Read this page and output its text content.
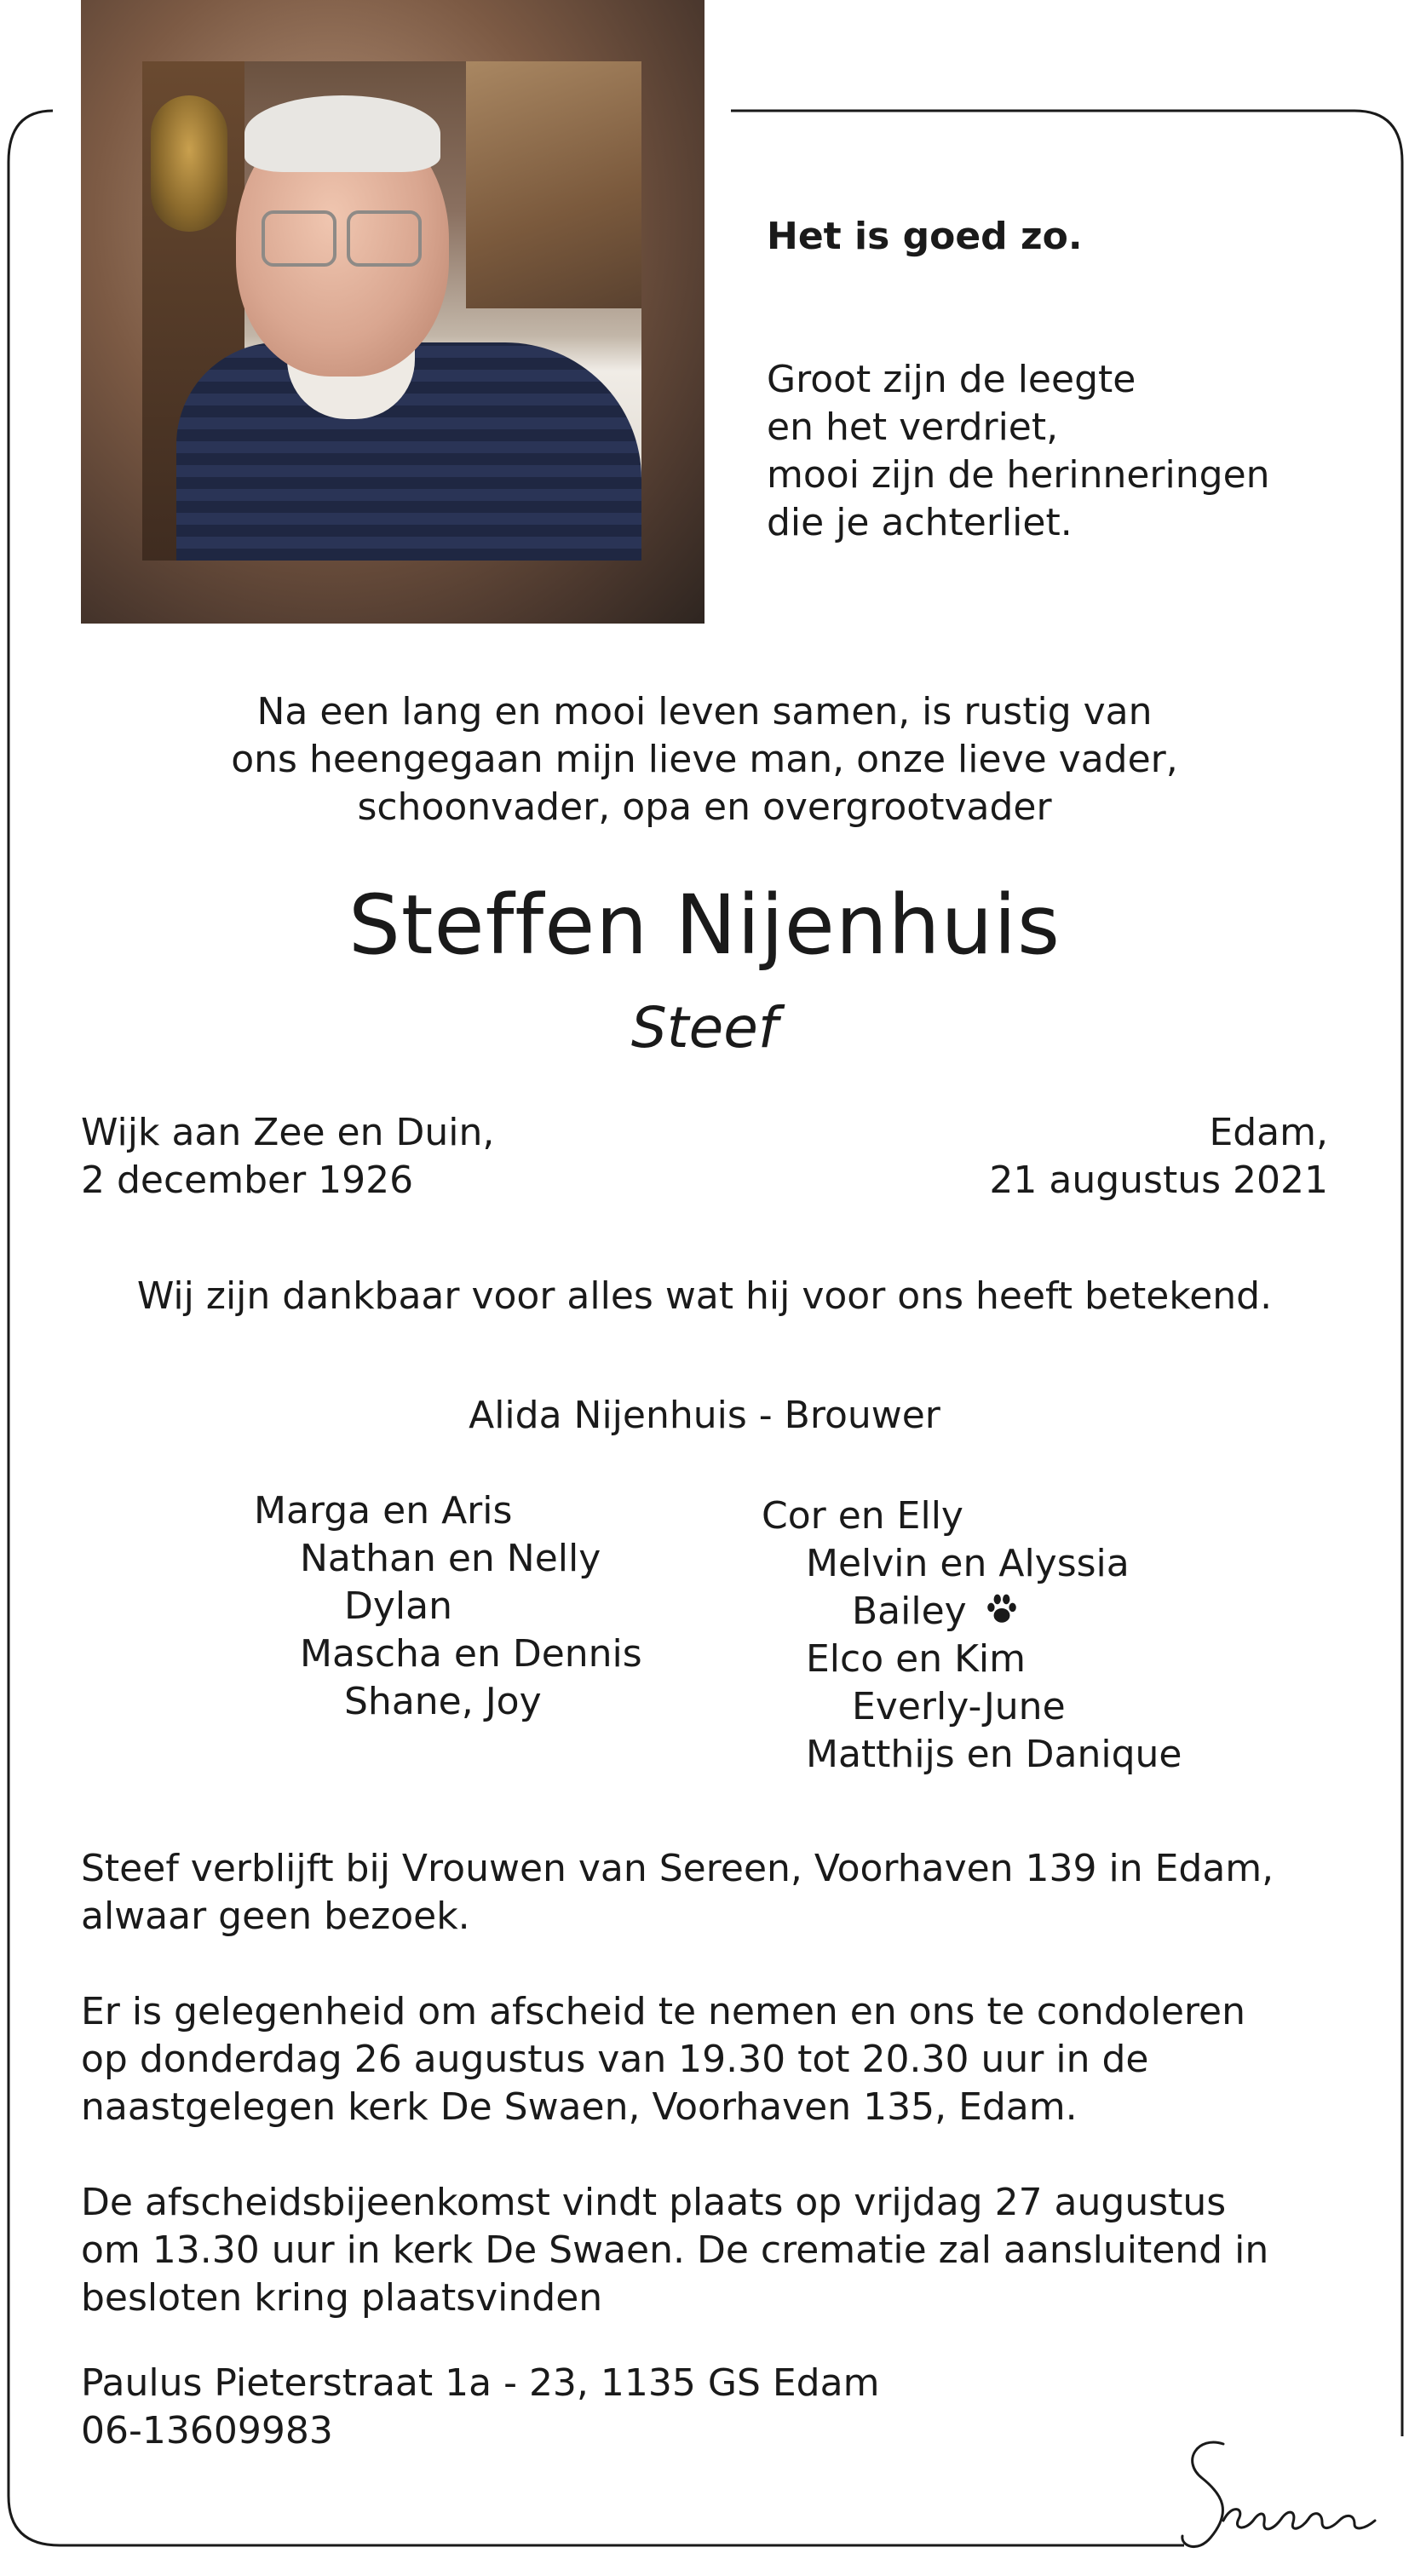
Het is goed zo.
Groot zijn de leegte
en het verdriet,
mooi zijn de herinneringen
die je achterliet.
Na een lang en mooi leven samen, is rustig van
ons heengegaan mijn lieve man, onze lieve vader,
schoonvader, opa en overgrootvader
Steffen Nijenhuis
Steef
Wijk aan Zee en Duin,
2 december 1926
Edam,
21 augustus 2021
Wij zijn dankbaar voor alles wat hij voor ons heeft betekend.
Alida Nijenhuis - Brouwer
Marga en Aris
Nathan en Nelly
Dylan
Mascha en Dennis
Shane, Joy
Cor en Elly
Melvin en Alyssia
Bailey
Elco en Kim
Everly-June
Matthijs en Danique
Steef verblijft bij Vrouwen van Sereen, Voorhaven 139 in Edam,
alwaar geen bezoek.
Er is gelegenheid om afscheid te nemen en ons te condoleren
op donderdag 26 augustus van 19.30 tot 20.30 uur in de
naastgelegen kerk De Swaen, Voorhaven 135, Edam.
De afscheidsbijeenkomst vindt plaats op vrijdag 27 augustus
om 13.30 uur in kerk De Swaen. De crematie zal aansluitend in
besloten kring plaatsvinden
Paulus Pieterstraat 1a - 23, 1135 GS Edam
06-13609983
